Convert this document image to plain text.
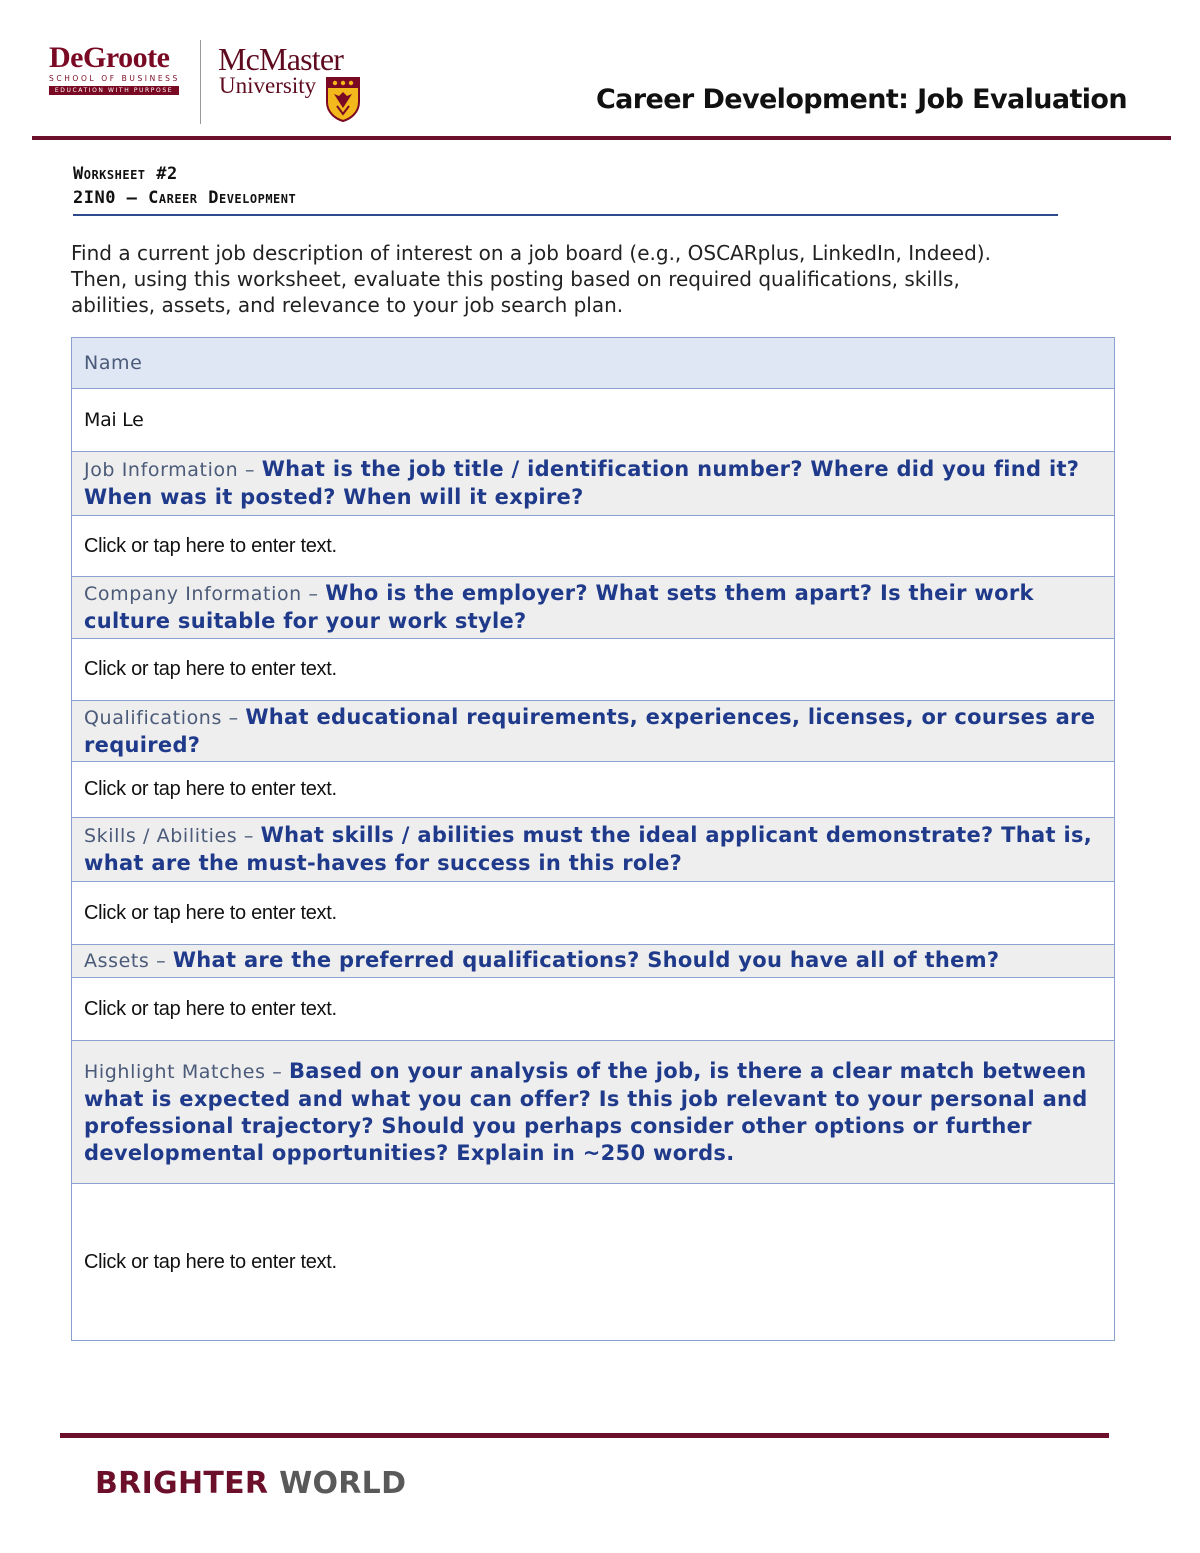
DeGroote
SCHOOL OF BUSINESS
EDUCATION WITH PURPOSE
McMaster
University	Career Development: Job Evaluation
Worksheet #2
2IN0 – Career Development
Find a current job description of interest on a job board (e.g., OSCARplus, LinkedIn, Indeed). Then, using this worksheet, evaluate this posting based on required qualifications, skills, abilities, assets, and relevance to your job search plan.
Name
Mai Le
Job Information – What is the job title / identification number? Where did you find it? When was it posted? When will it expire?
Click or tap here to enter text.
Company Information – Who is the employer? What sets them apart? Is their work culture suitable for your work style?
Click or tap here to enter text.
Qualifications – What educational requirements, experiences, licenses, or courses are required?
Click or tap here to enter text.
Skills / Abilities – What skills / abilities must the ideal applicant demonstrate? That is, what are the must-haves for success in this role?
Click or tap here to enter text.
Assets – What are the preferred qualifications? Should you have all of them?
Click or tap here to enter text.
Highlight Matches – Based on your analysis of the job, is there a clear match between what is expected and what you can offer? Is this job relevant to your personal and professional trajectory? Should you perhaps consider other options or further developmental opportunities? Explain in ~250 words.
Click or tap here to enter text.
BRIGHTER WORLD
